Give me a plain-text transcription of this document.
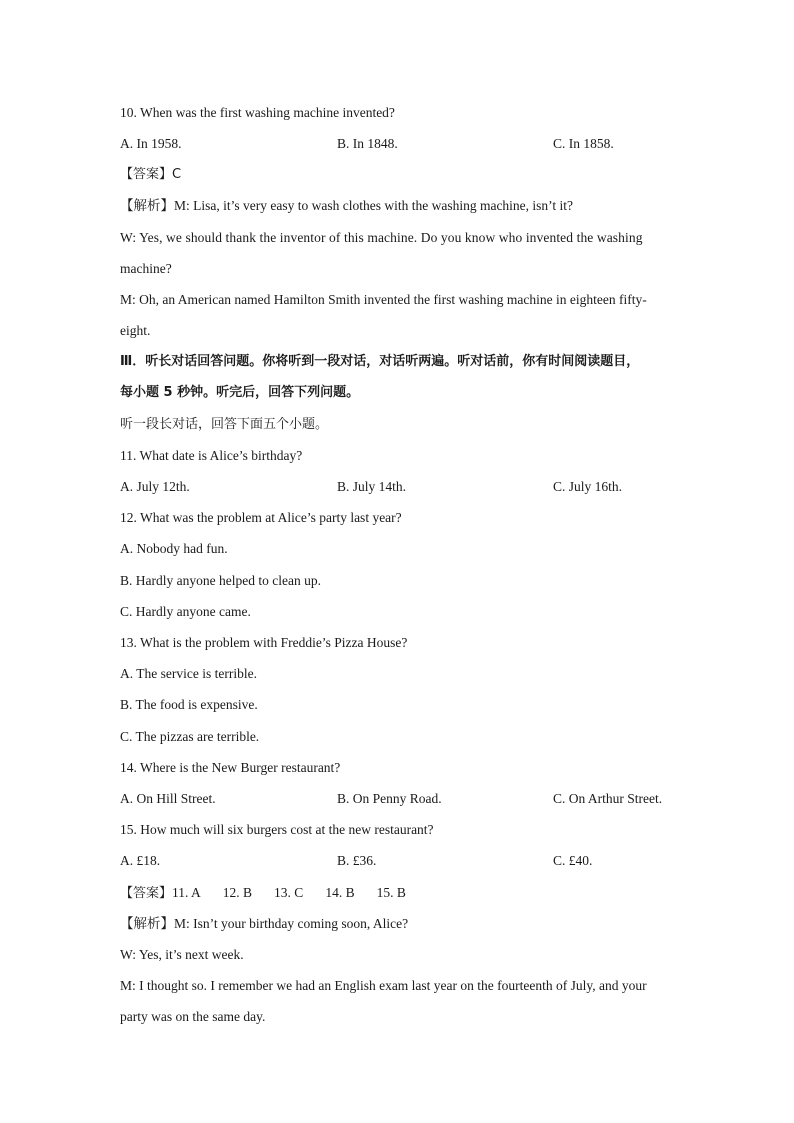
10. When was the first washing machine invented?
A. In 1958.	B. In 1848.	C. In 1858.
【答案】C
【解析】M: Lisa, it’s very easy to wash clothes with the washing machine, isn’t it?
W: Yes, we should thank the inventor of this machine. Do you know who invented the washing
machine?
M: Oh, an American named Hamilton Smith invented the first washing machine in eighteen fifty-
eight.
Ⅲ．听长对话回答问题。你将听到一段对话，对话听两遍。听对话前，你有时间阅读题目，
每小题 5 秒钟。听完后，回答下列问题。
听一段长对话，回答下面五个小题。
11. What date is Alice’s birthday?
A. July 12th.	B. July 14th.	C. July 16th.
12. What was the problem at Alice’s party last year?
A. Nobody had fun.
B. Hardly anyone helped to clean up.
C. Hardly anyone came.
13. What is the problem with Freddie’s Pizza House?
A. The service is terrible.
B. The food is expensive.
C. The pizzas are terrible.
14. Where is the New Burger restaurant?
A. On Hill Street.	B. On Penny Road.	C. On Arthur Street.
15. How much will six burgers cost at the new restaurant?
A. £18.	B. £36.	C. £40.
【答案】11. A 12. B 13. C 14. B 15. B
【解析】M: Isn’t your birthday coming soon, Alice?
W: Yes, it’s next week.
M: I thought so. I remember we had an English exam last year on the fourteenth of July, and your
party was on the same day.
